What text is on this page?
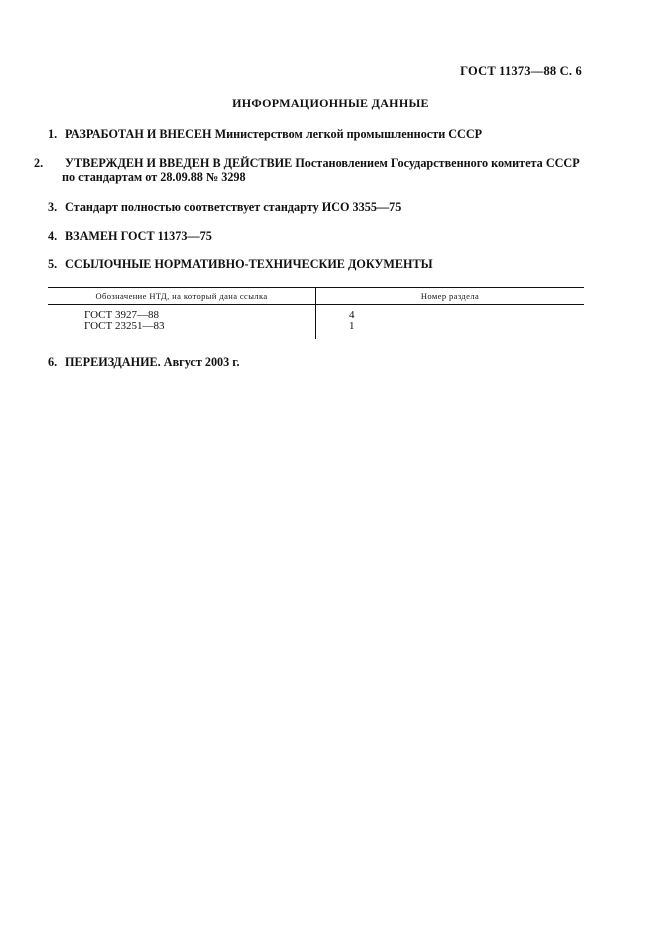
ГОСТ 11373—88 С. 6
ИНФОРМАЦИОННЫЕ ДАННЫЕ
1. РАЗРАБОТАН И ВНЕСЕН Министерством легкой промышленности СССР
2. УТВЕРЖДЕН И ВВЕДЕН В ДЕЙСТВИЕ Постановлением Государственного комитета СССР по стандартам от 28.09.88 № 3298
3. Стандарт полностью соответствует стандарту ИСО 3355—75
4. ВЗАМЕН ГОСТ 11373—75
5. ССЫЛОЧНЫЕ НОРМАТИВНО-ТЕХНИЧЕСКИЕ ДОКУМЕНТЫ
Обозначение НТД, на который дана ссылка	Номер раздела
ГОСТ 3927—88	4
ГОСТ 23251—83	1
6. ПЕРЕИЗДАНИЕ. Август 2003 г.
